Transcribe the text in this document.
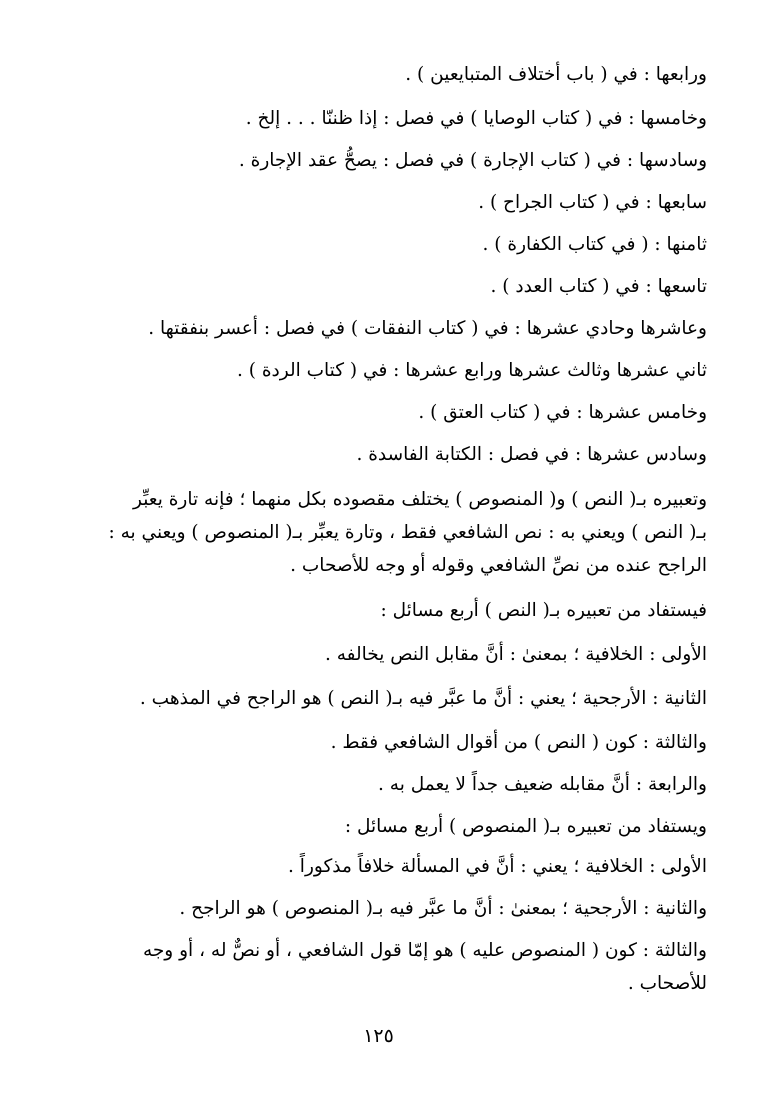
ورابعها : في ( باب أختلاف المتبايعين ) .
وخامسها : في ( كتاب الوصايا ) في فصل : إذا ظننّا . . . إلخ .
وسادسها : في ( كتاب الإجارة ) في فصل : يصحُّ عقد الإجارة .
سابعها : في ( كتاب الجراح ) .
ثامنها : ( في كتاب الكفارة ) .
تاسعها : في ( كتاب العدد ) .
وعاشرها وحادي عشرها : في ( كتاب النفقات ) في فصل : أعسر بنفقتها .
ثاني عشرها وثالث عشرها ورابع عشرها : في ( كتاب الردة ) .
وخامس عشرها : في ( كتاب العتق ) .
وسادس عشرها : في فصل : الكتابة الفاسدة .
وتعبيره بـ( النص ) و( المنصوص ) يختلف مقصوده بكل منهما ؛ فإنه تارة يعبِّر
بـ( النص ) ويعني به : نص الشافعي فقط ، وتارة يعبِّر بـ( المنصوص ) ويعني به :
الراجح عنده من نصِّ الشافعي وقوله أو وجه للأصحاب .
فيستفاد من تعبيره بـ( النص ) أربع مسائل :
الأولى : الخلافية ؛ بمعنىٰ : أنَّ مقابل النص يخالفه .
الثانية : الأرجحية ؛ يعني : أنَّ ما عبَّر فيه بـ( النص ) هو الراجح في المذهب .
والثالثة : كون ( النص ) من أقوال الشافعي فقط .
والرابعة : أنَّ مقابله ضعيف جداً لا يعمل به .
ويستفاد من تعبيره بـ( المنصوص ) أربع مسائل :
الأولى : الخلافية ؛ يعني : أنَّ في المسألة خلافاً مذكوراً .
والثانية : الأرجحية ؛ بمعنىٰ : أنَّ ما عبَّر فيه بـ( المنصوص ) هو الراجح .
والثالثة : كون ( المنصوص عليه ) هو إمّا قول الشافعي ، أو نصٌّ له ، أو وجه
للأصحاب .
١٢٥
